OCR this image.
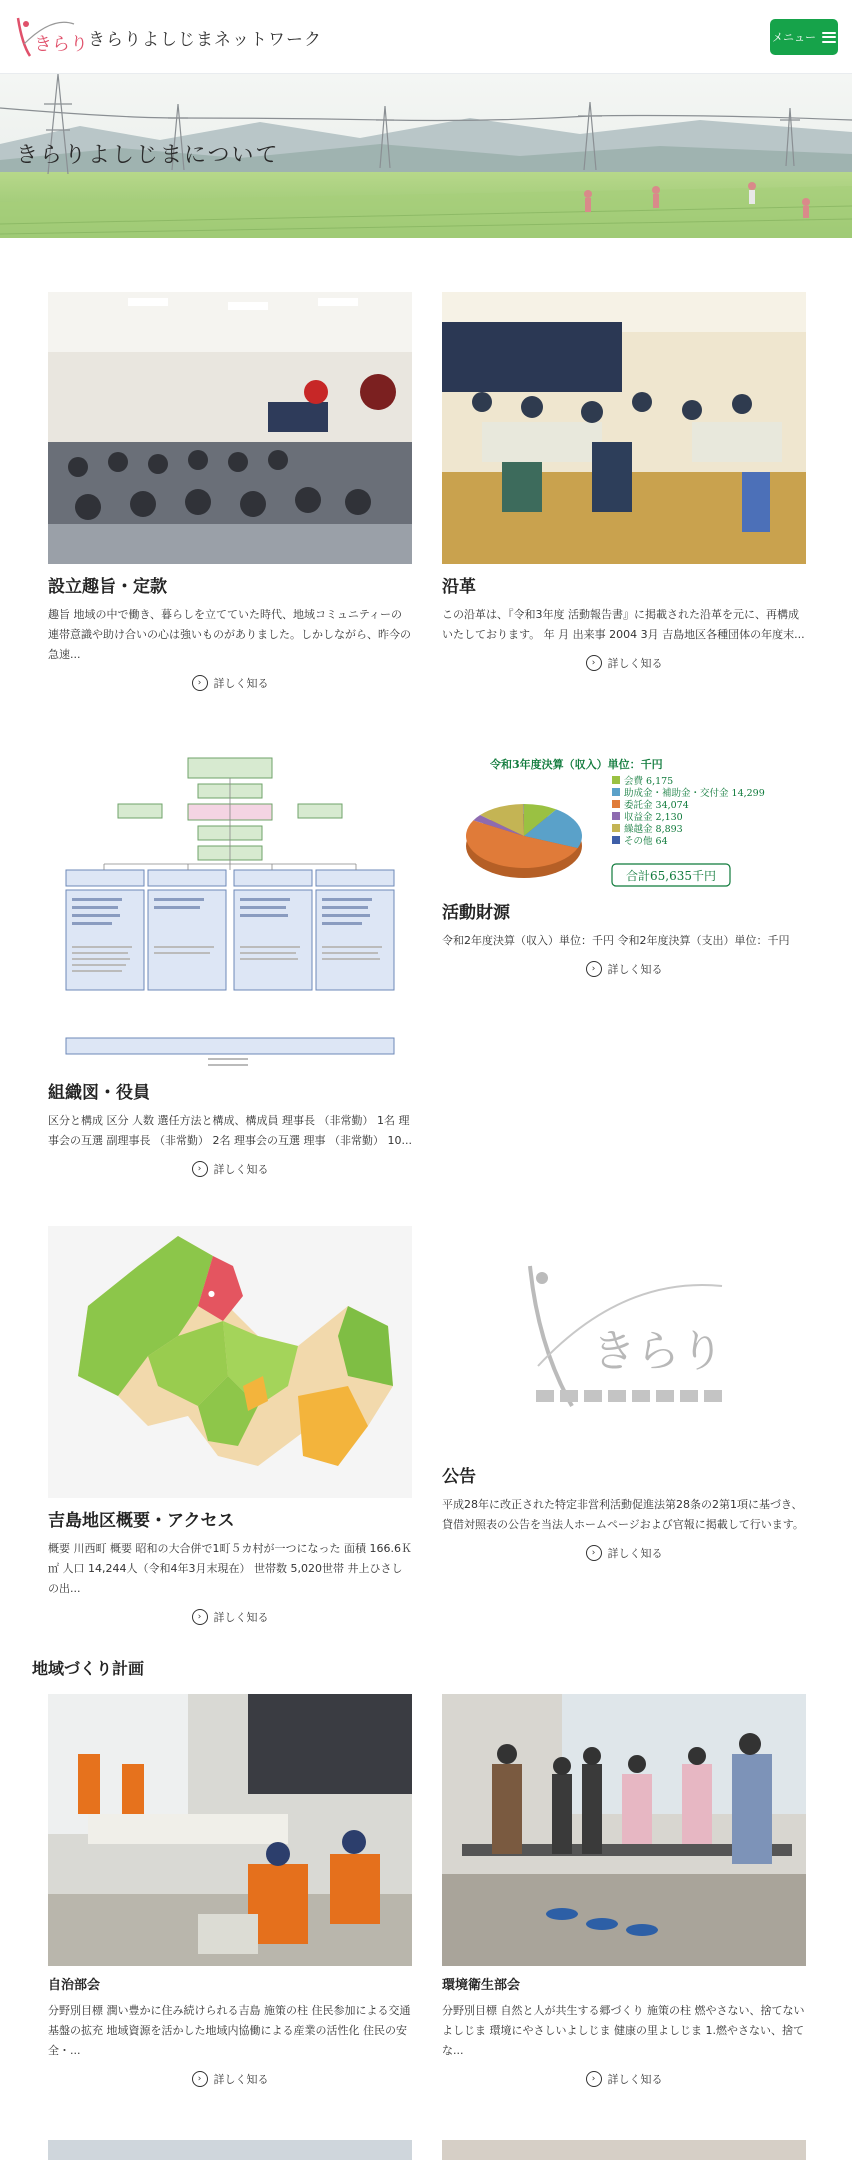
きらり きらりよしじまネットワーク	メニュー
きらりよしじまについて
設立趣旨・定款

趣旨 地域の中で働き、暮らしを立てていた時代、地域コミュニティーの連帯意識や助け合いの心は強いものがありました。しかしながら、昨今の急速...

›	詳しく知る
沿革

この沿革は、『令和3年度 活動報告書』に掲載された沿革を元に、再構成いたしております。 年 月 出来事 2004 3月 吉島地区各種団体の年度末...

›	詳しく知る
組織図・役員

区分と構成 区分 人数 選任方法と構成、構成員 理事長 （非常勤） 1名 理事会の互選 副理事長 （非常勤） 2名 理事会の互選 理事 （非常勤） 10...

›	詳しく知る
令和3年度決算（収入）単位：千円
会費 6,175
助成金・補助金・交付金 14,299
委託金 34,074
収益金 2,130
繰越金 8,893
その他 64
合計65,635千円
活動財源

令和2年度決算（収入）単位：千円 令和2年度決算（支出）単位：千円

›	詳しく知る
●
吉島地区概要・アクセス

概要 川西町 概要 昭和の大合併で1町５カ村が一つになった 面積 166.6Ｋ㎡ 人口 14,244人（令和4年3月末現在） 世帯数 5,020世帯 井上ひさしの出...

›	詳しく知る
きらり
公告

平成28年に改正された特定非営利活動促進法第28条の2第1項に基づき、貸借対照表の公告を当法人ホームページおよび官報に掲載して行います。

›	詳しく知る
地域づくり計画
自治部会

分野別目標 潤い豊かに住み続けられる吉島 施策の柱 住民参加による交通基盤の拡充 地域資源を活かした地域内協働による産業の活性化 住民の安全・...

›	詳しく知る
環境衛生部会

分野別目標 自然と人が共生する郷づくり 施策の柱 燃やさない、捨てないよしじま 環境にやさしいよしじま 健康の里よしじま 1.燃やさない、捨てな...

›	詳しく知る
